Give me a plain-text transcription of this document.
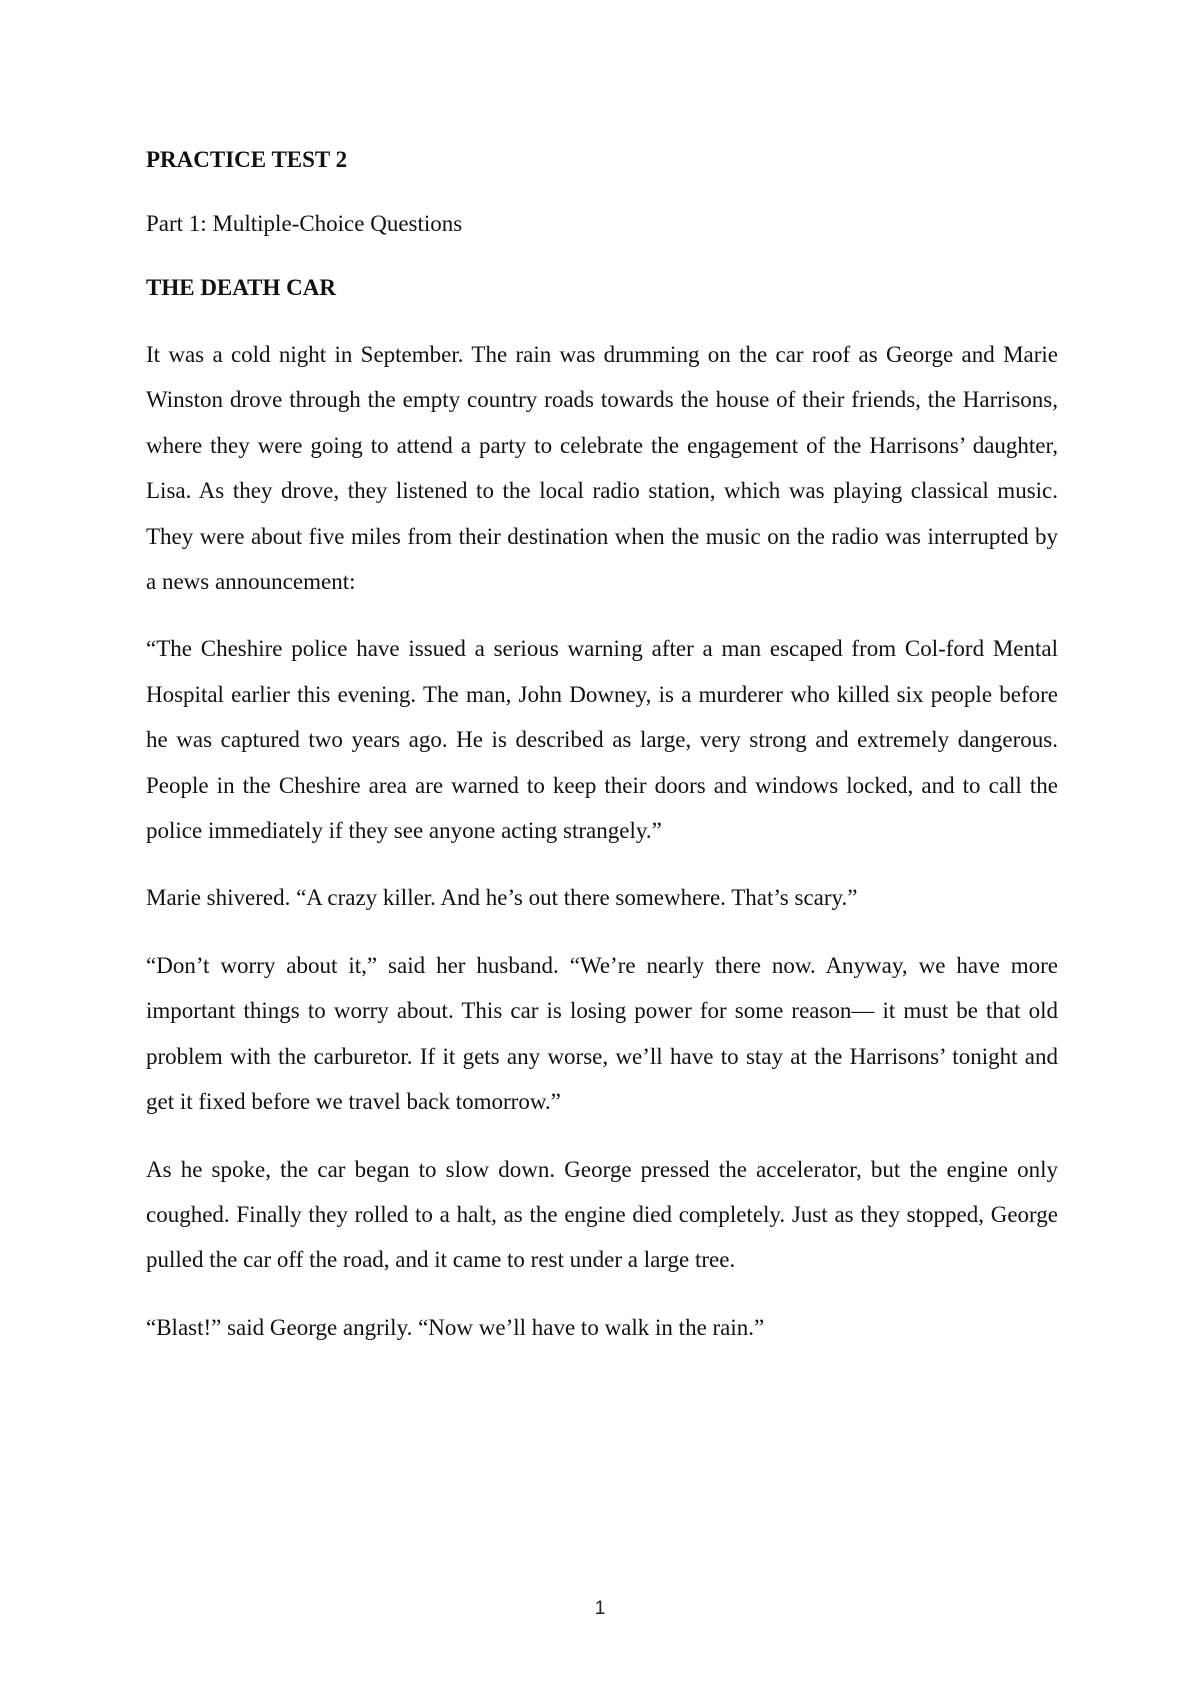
PRACTICE TEST 2

Part 1: Multiple-Choice Questions

THE DEATH CAR

It was a cold night in September. The rain was drumming on the car roof as George and Marie Winston drove through the empty country roads towards the house of their friends, the Harrisons, where they were going to attend a party to celebrate the engagement of the Harrisons’ daughter, Lisa. As they drove, they listened to the local radio station, which was playing classical music. They were about five miles from their destination when the music on the radio was interrupted by a news announcement:

“The Cheshire police have issued a serious warning after a man escaped from Col-ford Mental Hospital earlier this evening. The man, John Downey, is a murderer who killed six people before he was captured two years ago. He is described as large, very strong and extremely dangerous. People in the Cheshire area are warned to keep their doors and windows locked, and to call the police immediately if they see anyone acting strangely.”

Marie shivered. “A crazy killer. And he’s out there somewhere. That’s scary.”

“Don’t worry about it,” said her husband. “We’re nearly there now. Anyway, we have more important things to worry about. This car is losing power for some reason— it must be that old problem with the carburetor. If it gets any worse, we’ll have to stay at the Harrisons’ tonight and get it fixed before we travel back tomorrow.”

As he spoke, the car began to slow down. George pressed the accelerator, but the engine only coughed. Finally they rolled to a halt, as the engine died completely. Just as they stopped, George pulled the car off the road, and it came to rest under a large tree.

“Blast!” said George angrily. “Now we’ll have to walk in the rain.”

1
